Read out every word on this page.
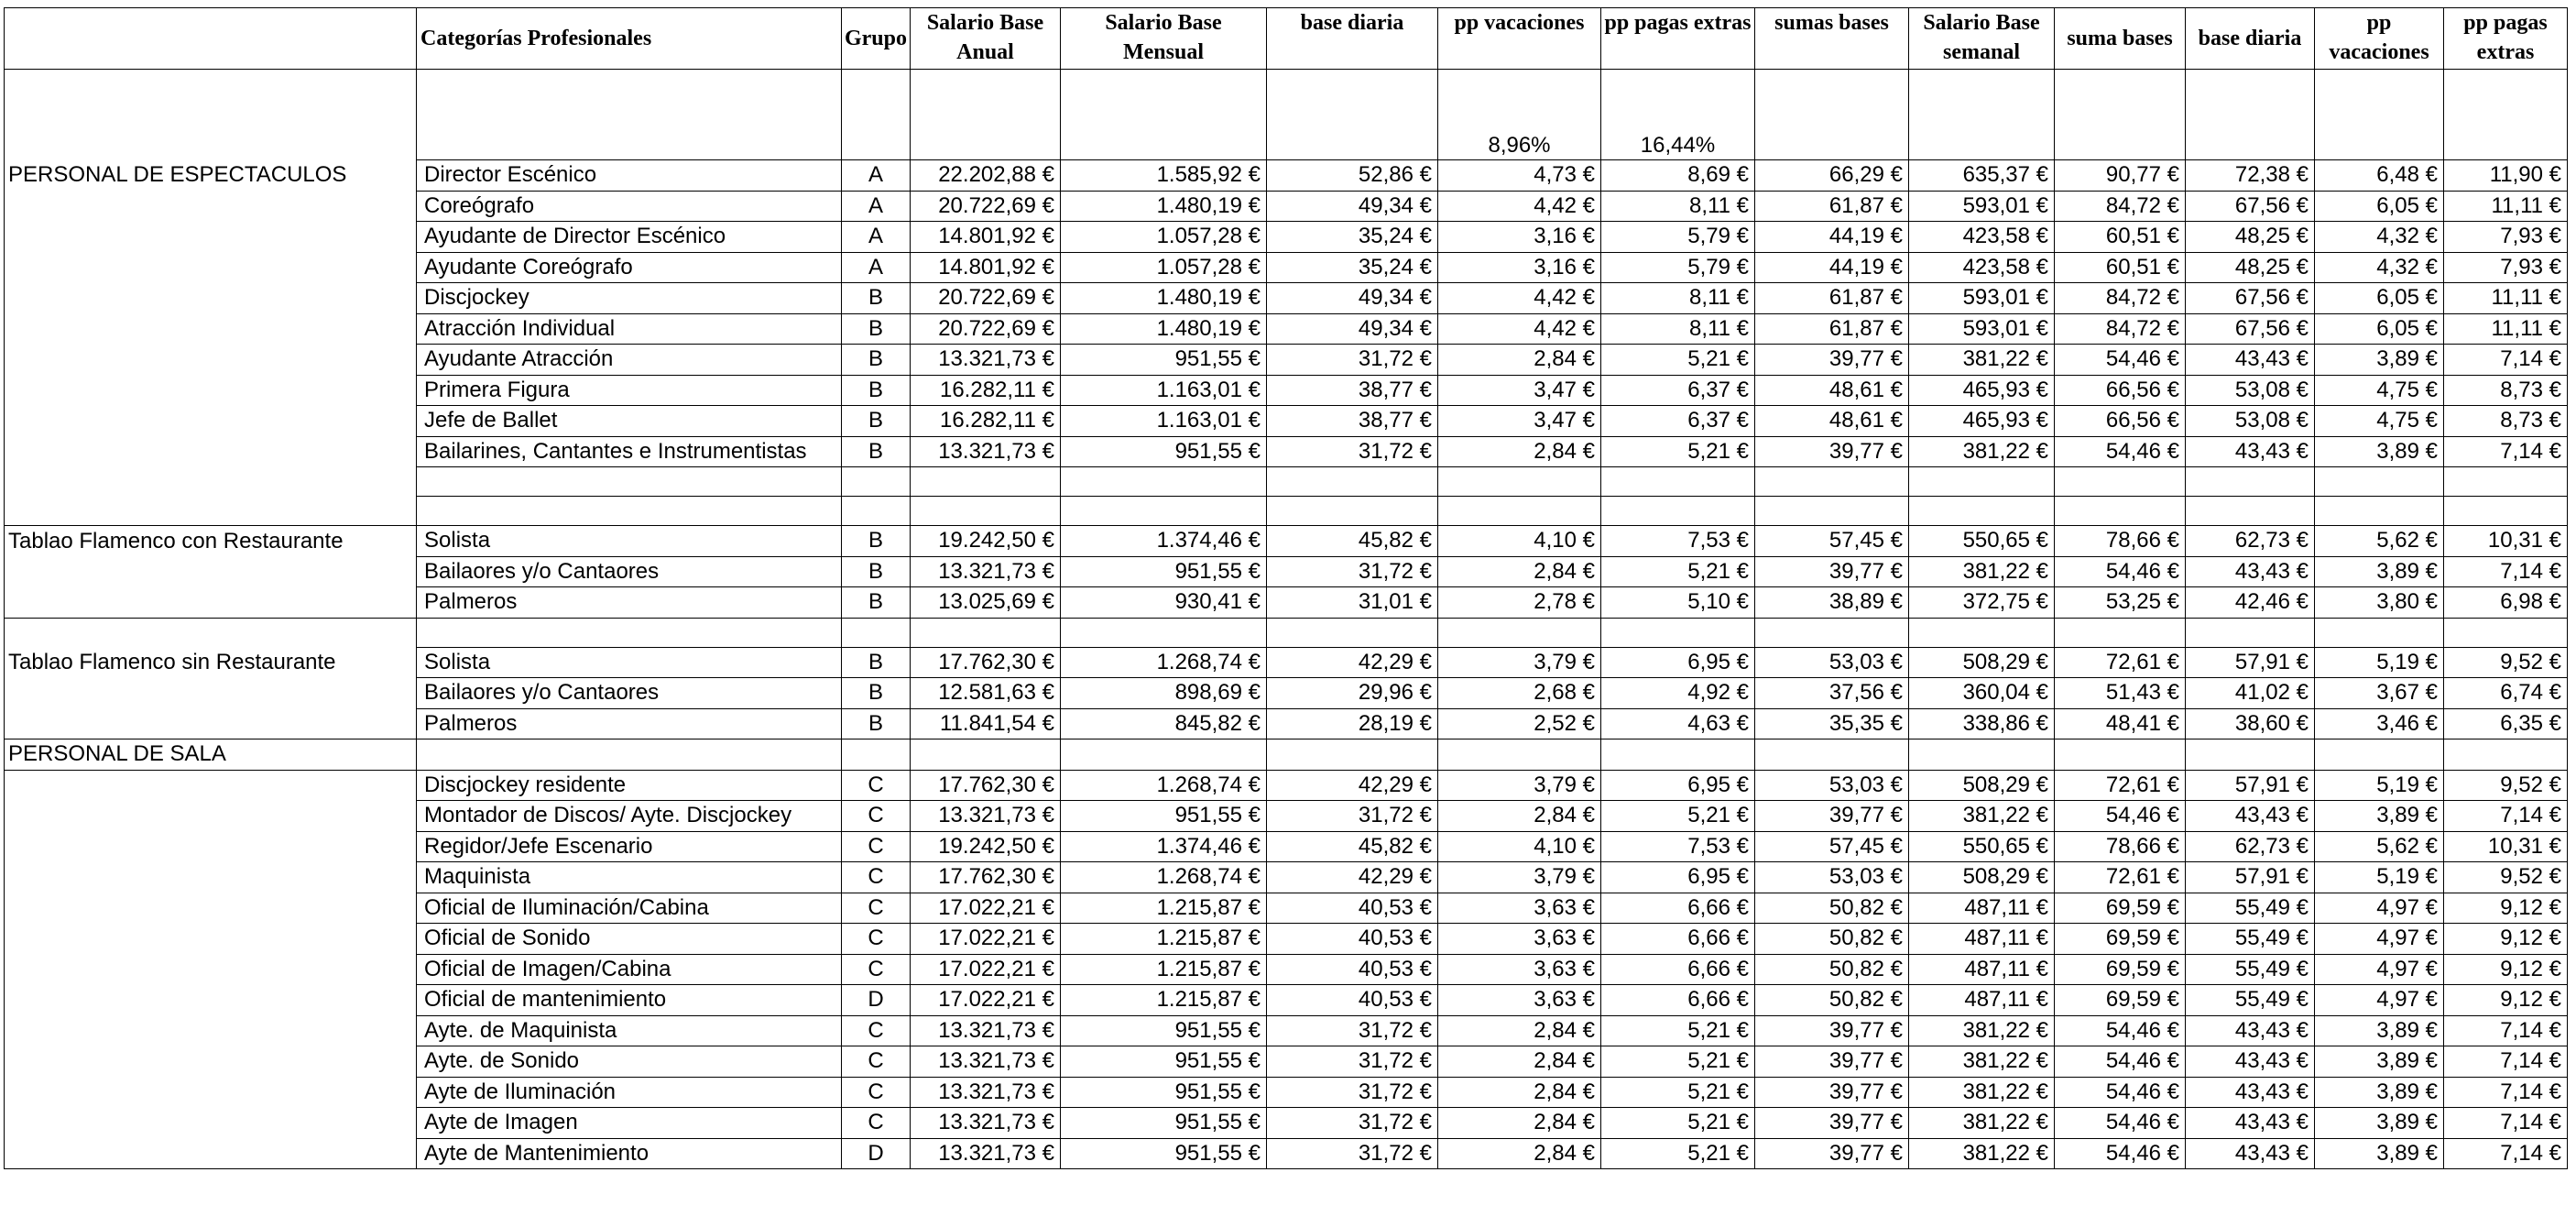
	Categorías Profesionales	Grupo	Salario Base Anual	Salario Base Mensual	base diaria	pp vacaciones	pp pagas extras	sumas bases	Salario Base semanal	suma bases	base diaria	pp vacaciones	pp pagas extras
						8,96%	16,44%						
PERSONAL DE ESPECTACULOS	Director Escénico	A	22.202,88 €	1.585,92 €	52,86 €	4,73 €	8,69 €	66,29 €	635,37 €	90,77 €	72,38 €	6,48 €	11,90 €
	Coreógrafo	A	20.722,69 €	1.480,19 €	49,34 €	4,42 €	8,11 €	61,87 €	593,01 €	84,72 €	67,56 €	6,05 €	11,11 €
	Ayudante de Director Escénico	A	14.801,92 €	1.057,28 €	35,24 €	3,16 €	5,79 €	44,19 €	423,58 €	60,51 €	48,25 €	4,32 €	7,93 €
	Ayudante Coreógrafo	A	14.801,92 €	1.057,28 €	35,24 €	3,16 €	5,79 €	44,19 €	423,58 €	60,51 €	48,25 €	4,32 €	7,93 €
	Discjockey	B	20.722,69 €	1.480,19 €	49,34 €	4,42 €	8,11 €	61,87 €	593,01 €	84,72 €	67,56 €	6,05 €	11,11 €
	Atracción Individual	B	20.722,69 €	1.480,19 €	49,34 €	4,42 €	8,11 €	61,87 €	593,01 €	84,72 €	67,56 €	6,05 €	11,11 €
	Ayudante Atracción	B	13.321,73 €	951,55 €	31,72 €	2,84 €	5,21 €	39,77 €	381,22 €	54,46 €	43,43 €	3,89 €	7,14 €
	Primera Figura	B	16.282,11 €	1.163,01 €	38,77 €	3,47 €	6,37 €	48,61 €	465,93 €	66,56 €	53,08 €	4,75 €	8,73 €
	Jefe de Ballet	B	16.282,11 €	1.163,01 €	38,77 €	3,47 €	6,37 €	48,61 €	465,93 €	66,56 €	53,08 €	4,75 €	8,73 €
	Bailarines, Cantantes e Instrumentistas	B	13.321,73 €	951,55 €	31,72 €	2,84 €	5,21 €	39,77 €	381,22 €	54,46 €	43,43 €	3,89 €	7,14 €

Tablao Flamenco con Restaurante	Solista	B	19.242,50 €	1.374,46 €	45,82 €	4,10 €	7,53 €	57,45 €	550,65 €	78,66 €	62,73 €	5,62 €	10,31 €
	Bailaores y/o Cantaores	B	13.321,73 €	951,55 €	31,72 €	2,84 €	5,21 €	39,77 €	381,22 €	54,46 €	43,43 €	3,89 €	7,14 €
	Palmeros	B	13.025,69 €	930,41 €	31,01 €	2,78 €	5,10 €	38,89 €	372,75 €	53,25 €	42,46 €	3,80 €	6,98 €

Tablao Flamenco sin Restaurante	Solista	B	17.762,30 €	1.268,74 €	42,29 €	3,79 €	6,95 €	53,03 €	508,29 €	72,61 €	57,91 €	5,19 €	9,52 €
	Bailaores y/o Cantaores	B	12.581,63 €	898,69 €	29,96 €	2,68 €	4,92 €	37,56 €	360,04 €	51,43 €	41,02 €	3,67 €	6,74 €
	Palmeros	B	11.841,54 €	845,82 €	28,19 €	2,52 €	4,63 €	35,35 €	338,86 €	48,41 €	38,60 €	3,46 €	6,35 €
PERSONAL DE SALA													
	Discjockey residente	C	17.762,30 €	1.268,74 €	42,29 €	3,79 €	6,95 €	53,03 €	508,29 €	72,61 €	57,91 €	5,19 €	9,52 €
	Montador de Discos/ Ayte. Discjockey	C	13.321,73 €	951,55 €	31,72 €	2,84 €	5,21 €	39,77 €	381,22 €	54,46 €	43,43 €	3,89 €	7,14 €
	Regidor/Jefe Escenario	C	19.242,50 €	1.374,46 €	45,82 €	4,10 €	7,53 €	57,45 €	550,65 €	78,66 €	62,73 €	5,62 €	10,31 €
	Maquinista	C	17.762,30 €	1.268,74 €	42,29 €	3,79 €	6,95 €	53,03 €	508,29 €	72,61 €	57,91 €	5,19 €	9,52 €
	Oficial de Iluminación/Cabina	C	17.022,21 €	1.215,87 €	40,53 €	3,63 €	6,66 €	50,82 €	487,11 €	69,59 €	55,49 €	4,97 €	9,12 €
	Oficial de Sonido	C	17.022,21 €	1.215,87 €	40,53 €	3,63 €	6,66 €	50,82 €	487,11 €	69,59 €	55,49 €	4,97 €	9,12 €
	Oficial de Imagen/Cabina	C	17.022,21 €	1.215,87 €	40,53 €	3,63 €	6,66 €	50,82 €	487,11 €	69,59 €	55,49 €	4,97 €	9,12 €
	Oficial de mantenimiento	D	17.022,21 €	1.215,87 €	40,53 €	3,63 €	6,66 €	50,82 €	487,11 €	69,59 €	55,49 €	4,97 €	9,12 €
	Ayte. de Maquinista	C	13.321,73 €	951,55 €	31,72 €	2,84 €	5,21 €	39,77 €	381,22 €	54,46 €	43,43 €	3,89 €	7,14 €
	Ayte. de Sonido	C	13.321,73 €	951,55 €	31,72 €	2,84 €	5,21 €	39,77 €	381,22 €	54,46 €	43,43 €	3,89 €	7,14 €
	Ayte de Iluminación	C	13.321,73 €	951,55 €	31,72 €	2,84 €	5,21 €	39,77 €	381,22 €	54,46 €	43,43 €	3,89 €	7,14 €
	Ayte de Imagen	C	13.321,73 €	951,55 €	31,72 €	2,84 €	5,21 €	39,77 €	381,22 €	54,46 €	43,43 €	3,89 €	7,14 €
	Ayte de Mantenimiento	D	13.321,73 €	951,55 €	31,72 €	2,84 €	5,21 €	39,77 €	381,22 €	54,46 €	43,43 €	3,89 €	7,14 €
